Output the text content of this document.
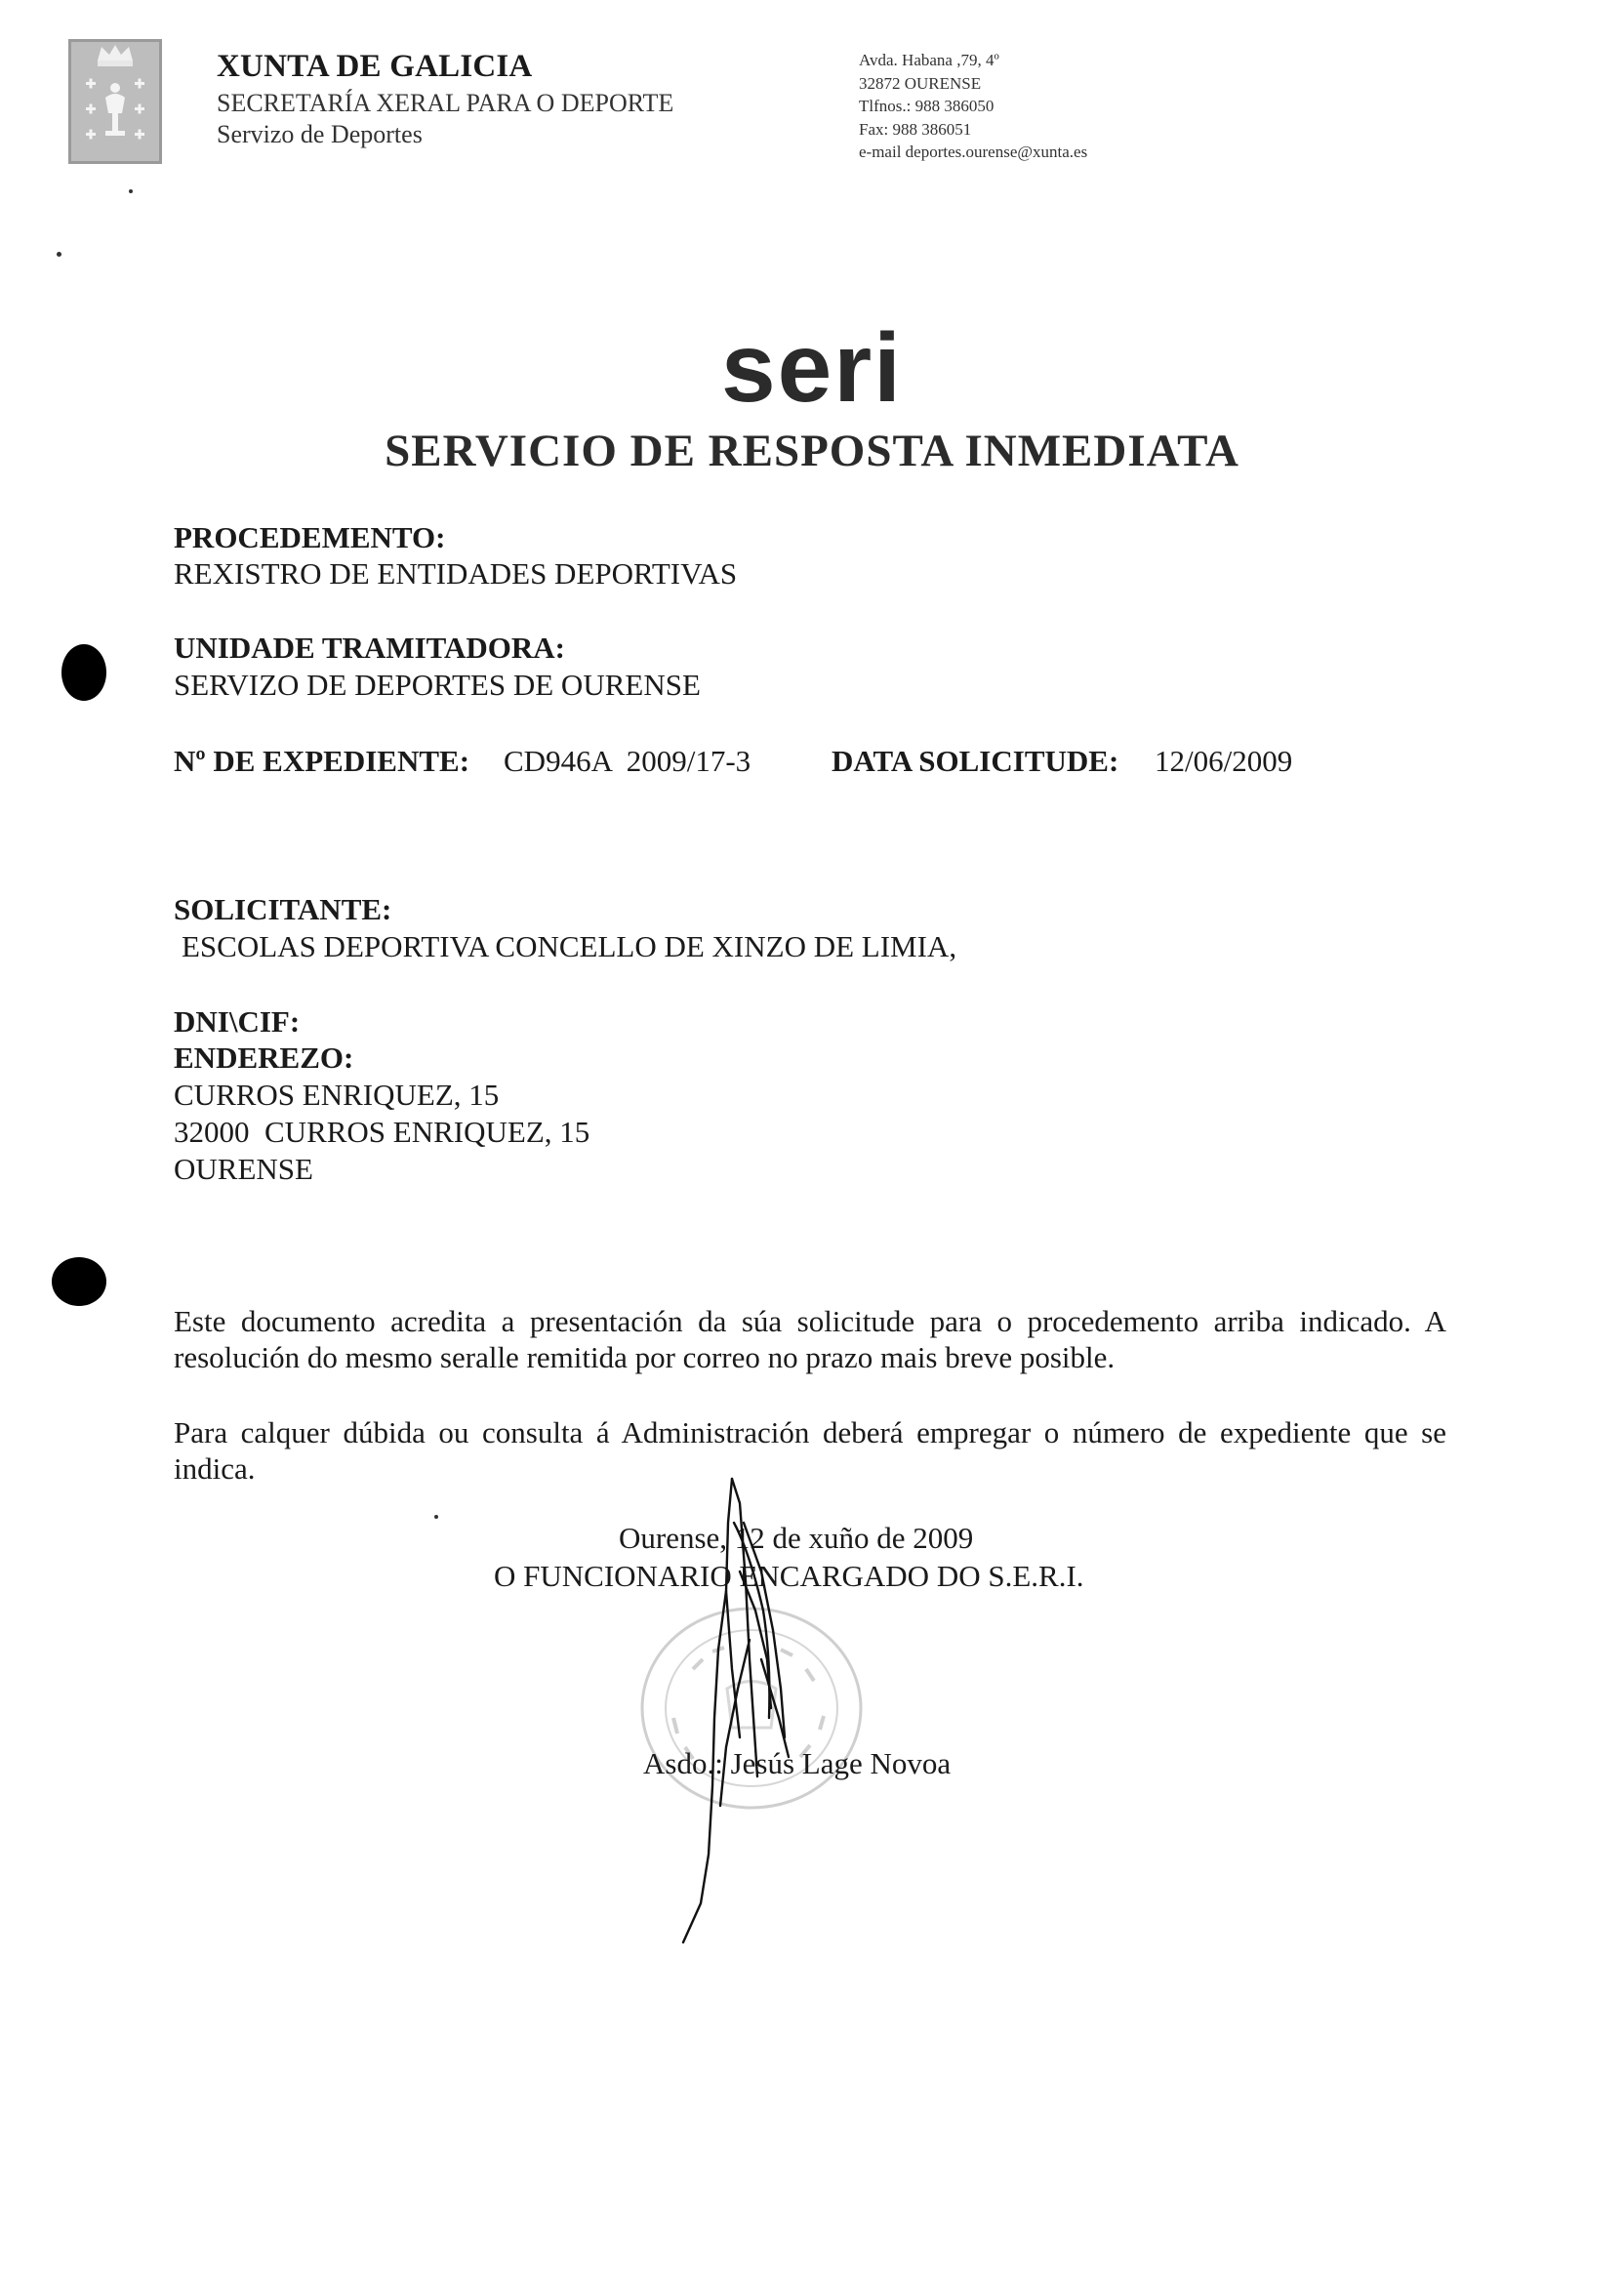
XUNTA DE GALICIA
SECRETARÍA XERAL PARA O DEPORTE
Servizo de Deportes
Avda. Habana ,79, 4º
32872 OURENSE
Tlfnos.: 988 386050
Fax: 988 386051
e-mail deportes.ourense@xunta.es
seri
SERVICIO DE RESPOSTA INMEDIATA
PROCEDEMENTO:
REXISTRO DE ENTIDADES DEPORTIVAS
UNIDADE TRAMITADORA:
SERVIZO DE DEPORTES DE OURENSE
Nº DE EXPEDIENTE: CD946A  2009/17-3	DATA SOLICITUDE: 12/06/2009
SOLICITANTE:
ESCOLAS DEPORTIVA CONCELLO DE XINZO DE LIMIA,
DNI\CIF:
ENDEREZO:
CURROS ENRIQUEZ, 15
32000  CURROS ENRIQUEZ, 15
OURENSE
Este documento acredita a presentación da súa solicitude para o procedemento arriba indicado. A resolución do mesmo seralle remitida por correo no prazo mais breve posible.
Para calquer dúbida ou consulta á Administración deberá empregar o número de expediente que se indica.
Ourense, 12 de xuño de 2009
O FUNCIONARIO ENCARGADO DO S.E.R.I.
Asdo.: Jesús Lage Novoa
